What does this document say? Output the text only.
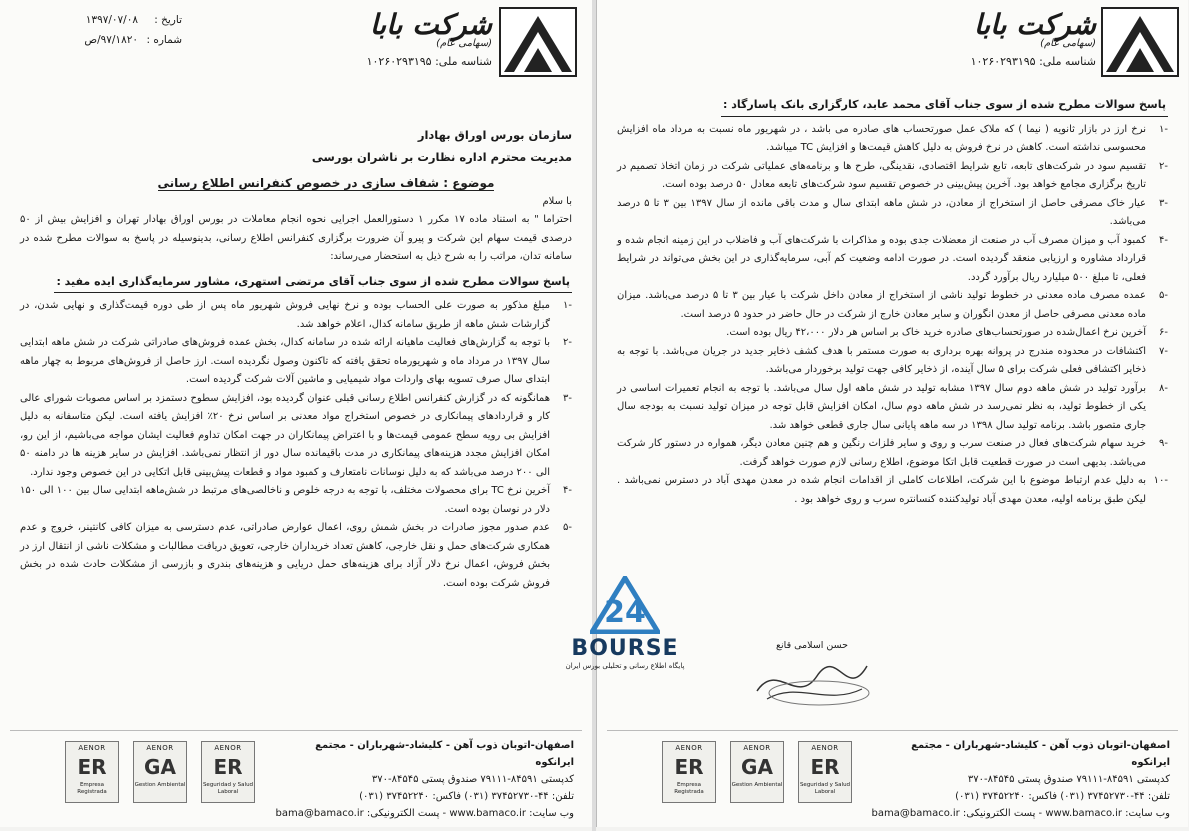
شرکت بابا
(سهامی عام)
شناسه ملی: ۱۰۲۶۰۲۹۳۱۹۵
پاسخ سوالات مطرح شده از سوی جناب آقای محمد عابد، کارگزاری بانک پاسارگاد :
-۱
نرخ ارز در بازار ثانویه ( نیما ) که ملاک عمل صورتحساب های صادره می باشد ، در شهریور ماه نسبت به مرداد ماه افزایش محسوسی نداشته است. کاهش در نرخ فروش به دلیل کاهش قیمت‌ها و افزایش TC میباشد.
-۲
تقسیم سود در شرکت‌های تابعه، تابع شرایط اقتصادی، نقدینگی، طرح ها و برنامه‌های عملیاتی شرکت در زمان اتخاذ تصمیم در تاریخ برگزاری مجامع خواهد بود. آخرین پیش‌بینی در خصوص تقسیم سود شرکت‌های تابعه معادل ۵۰ درصد بوده است.
-۳
عیار خاک مصرفی حاصل از استخراج از معادن، در شش ماهه ابتدای سال و مدت باقی مانده از سال ۱۳۹۷ بین ۳ تا ۵ درصد می‌باشد.
-۴
کمبود آب و میزان مصرف آب در صنعت از معضلات جدی بوده و مذاکرات با شرکت‌های آب و فاضلاب در این زمینه انجام شده و قرارداد مشاوره و ارزیابی منعقد گردیده است. در صورت ادامه وضعیت کم آبی، سرمایه‌گذاری در این بخش می‌تواند در شرایط فعلی، تا مبلغ ۵۰۰ میلیارد ریال برآورد گردد.
-۵
عمده مصرف ماده معدنی در خطوط تولید ناشی از استخراج از معادن داخل شرکت با عیار بین ۳ تا ۵ درصد می‌باشد. میزان ماده معدنی مصرفی حاصل از معدن انگوران و سایر معادن خارج از شرکت در حال حاضر در حدود ۵ درصد است.
-۶
آخرین نرخ اعمال‌شده در صورتحساب‌های صادره خرید خاک بر اساس هر دلار ۴۲،۰۰۰ ریال بوده است.
-۷
اکتشافات در محدوده مندرج در پروانه بهره برداری به صورت مستمر با هدف کشف ذخایر جدید در جریان می‌باشد. با توجه به ذخایر اکتشافی فعلی شرکت برای ۵ سال آینده، از ذخایر کافی جهت تولید برخوردار می‌باشد.
-۸
برآورد تولید در شش ماهه دوم سال ۱۳۹۷ مشابه تولید در شش ماهه اول سال می‌باشد. با توجه به انجام تعمیرات اساسی در یکی از خطوط تولید، به نظر نمی‌رسد در شش ماهه دوم سال، امکان افزایش قابل توجه در میزان تولید نسبت به بودجه سال جاری متصور باشد. برنامه تولید سال ۱۳۹۸ در سه ماهه پایانی سال جاری قطعی خواهد شد.
-۹
خرید سهام شرکت‌های فعال در صنعت سرب و روی و سایر فلزات رنگین و هم چنین معادن دیگر، همواره در دستور کار شرکت می‌باشد. بدیهی است در صورت قطعیت قابل اتکا موضوع، اطلاع رسانی لازم صورت خواهد گرفت.
-۱۰
به دلیل عدم ارتباط موضوع با این شرکت، اطلاعات کاملی از اقدامات انجام شده در معدن مهدی آباد در دسترس نمی‌باشد . لیکن طبق برنامه اولیه، معدن مهدی آباد تولیدکننده کنسانتره سرب و روی خواهد بود .
حسن اسلامی قانع
AENOR
ER
Empresa Registrada
AENOR
GA
Gestion Ambiental
AENOR
ER
Seguridad y Salud Laboral
اصفهان-اتوبان ذوب آهن - کلیشاد-شهرباران - مجتمع ایرانکوه
کدپستی ۸۴۵۹۱-۷۹۱۱۱ صندوق پستی ۸۴۵۴۵-۳۷۰
تلفن: ۴۴-۳۷۴۵۲۷۳۰ (۰۳۱) فاکس: ۳۷۴۵۲۲۴۰ (۰۳۱)
وب سایت: www.bamaco.ir - پست الکترونیکی: bama@bamaco.ir
شرکت بابا
(سهامی عام)
شناسه ملی: ۱۰۲۶۰۲۹۳۱۹۵
تاریخ :۱۳۹۷/۰۷/۰۸
شماره :۹۷/۱۸۲۰/ص
سازمان بورس اوراق بهادار
مدیریت محترم اداره نظارت بر ناشران بورسی
موضوع : شفاف سازی در خصوص کنفرانس اطلاع رسانی

با سلام

احتراما " به استناد ماده ۱۷ مکرر ۱ دستورالعمل اجرایی نحوه انجام معاملات در بورس اوراق بهادار تهران و افزایش بیش از ۵۰ درصدی قیمت سهام این شرکت و پیرو آن ضرورت برگزاری کنفرانس اطلاع رسانی، بدینوسیله در پاسخ به سوالات مطرح شده در سامانه تدان، مراتب را به شرح ذیل به استحضار می‌رساند:

پاسخ سوالات مطرح شده از سوی جناب آقای مرتضی استهری، مشاور سرمایه‌گذاری ایده مفید :
-۱
مبلغ مذکور به صورت علی الحساب بوده و نرخ نهایی فروش شهریور ماه پس از طی دوره قیمت‌گذاری و نهایی شدن، در گزارشات شش ماهه از طریق سامانه کدال، اعلام خواهد شد.
-۲
با توجه به گزارش‌های فعالیت ماهیانه ارائه شده در سامانه کدال، بخش عمده فروش‌های صادراتی شرکت در شش ماهه ابتدایی سال ۱۳۹۷ در مرداد ماه و شهریورماه تحقق یافته که تاکنون وصول نگردیده است. ارز حاصل از فروش‌های مربوط به چهار ماهه ابتدای سال صرف تسویه بهای واردات مواد شیمیایی و ماشین آلات شرکت گردیده است.
-۳
همانگونه که در گزارش کنفرانس اطلاع رسانی قبلی عنوان گردیده بود، افزایش سطوح دستمزد بر اساس مصوبات شورای عالی کار و قراردادهای پیمانکاری در خصوص استخراج مواد معدنی بر اساس نرخ ۲۰٪ افزایش یافته است. لیکن متاسفانه به دلیل افزایش بی رویه سطح عمومی قیمت‌ها و با اعتراض پیمانکاران در جهت امکان تداوم فعالیت ایشان مواجه می‌باشیم، از این رو، امکان افزایش مجدد هزینه‌های پیمانکاری در مدت باقیمانده سال دور از انتظار نمی‌باشد. افزایش در سایر هزینه ها در دامنه ۵۰ الی ۲۰۰ درصد می‌باشد که به دلیل نوسانات نامتعارف و کمبود مواد و قطعات پیش‌بینی قابل اتکایی در این خصوص وجود ندارد.
-۴
آخرین نرخ TC برای محصولات مختلف، با توجه به درجه خلوص و ناخالصی‌های مرتبط در شش‌ماهه ابتدایی سال بین ۱۰۰ الی ۱۵۰ دلار در نوسان بوده است.
-۵
عدم صدور مجوز صادرات در بخش شمش روی، اعمال عوارض صادراتی، عدم دسترسی به میزان کافی کانتینر، خروج و عدم همکاری شرکت‌های حمل و نقل خارجی، کاهش تعداد خریداران خارجی، تعویق دریافت مطالبات و مشکلات ناشی از انتقال ارز در بخش فروش، اعمال نرخ دلار آزاد برای هزینه‌های حمل دریایی و هزینه‌های بندری و بازرسی از مشکلات حادث شده در بخش فروش شرکت بوده است.
AENOR
ER
Empresa Registrada
AENOR
GA
Gestion Ambiental
AENOR
ER
Seguridad y Salud Laboral
اصفهان-اتوبان ذوب آهن - کلیشاد-شهرباران - مجتمع ایرانکوه
کدپستی ۸۴۵۹۱-۷۹۱۱۱ صندوق پستی ۸۴۵۴۵-۳۷۰
تلفن: ۴۴-۳۷۴۵۲۷۳۰ (۰۳۱) فاکس: ۳۷۴۵۲۲۴۰ (۰۳۱)
وب سایت: www.bamaco.ir - پست الکترونیکی: bama@bamaco.ir
24
BOURSE
پایگاه اطلاع رسانی و تحلیلی بورس ایران
